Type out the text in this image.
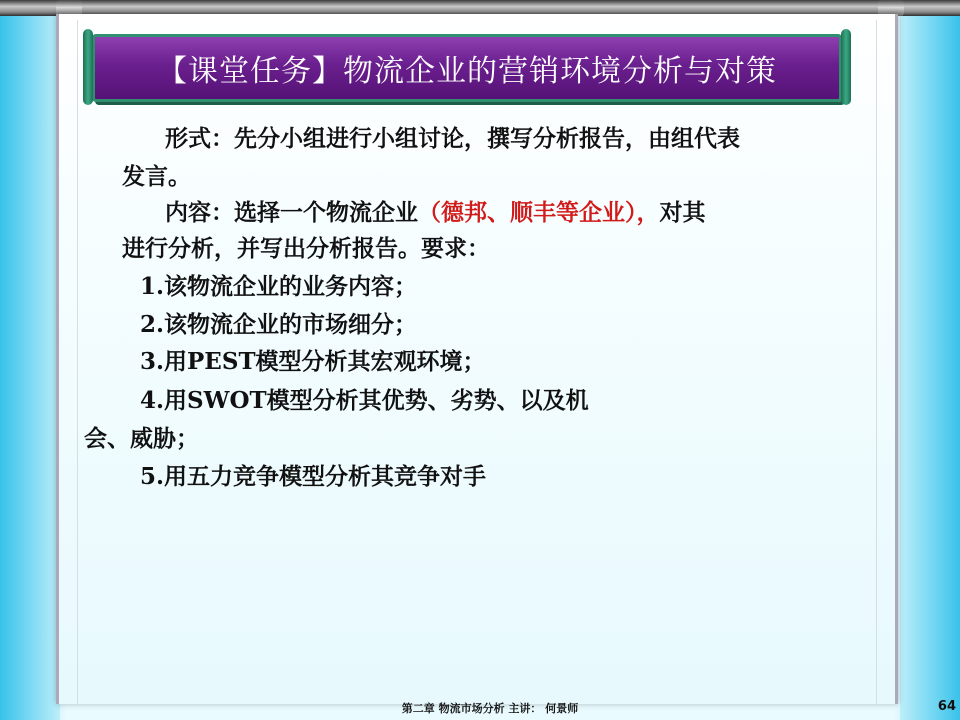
【课堂任务】物流企业的营销环境分析与对策
形式：先分小组进行小组讨论，撰写分析报告，由组代表
发言。
内容：选择一个物流企业（德邦、顺丰等企业），对其
进行分析，并写出分析报告。要求：
1.该物流企业的业务内容；
2.该物流企业的市场细分；
3.用PEST模型分析其宏观环境；
4.用SWOT模型分析其优势、劣势、以及机
会、威胁；
5.用五力竞争模型分析其竞争对手
第二章 物流市场分析 主讲： 何景师	64
